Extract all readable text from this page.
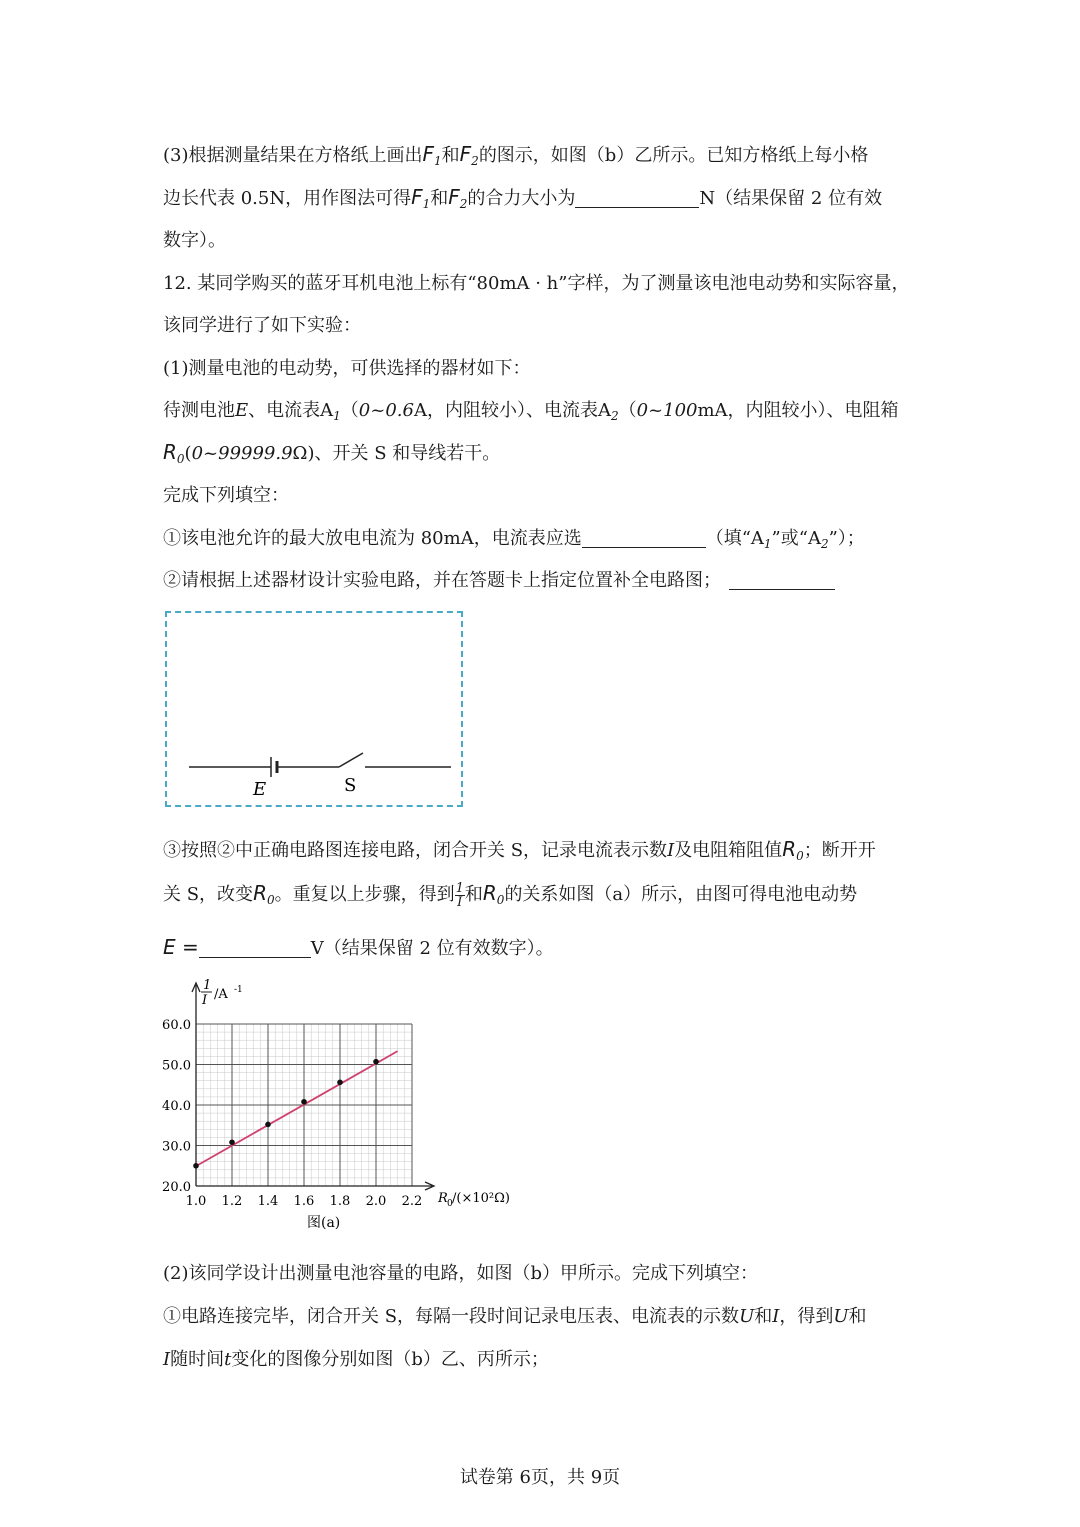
(3)根据测量结果在方格纸上画出$F_1$和$F_2$的图示，如图（b）乙所示。已知方格纸上每小格
边长代表 0.5N，用作图法可得$F_1$和$F_2$的合力大小为	N（结果保留 2 位有效
数字）。
12. 某同学购买的蓝牙耳机电池上标有“80mA · h”字样，为了测量该电池电动势和实际容量，
该同学进行了如下实验：
(1)测量电池的电动势，可供选择的器材如下：
待测电池E、电流表$A_1(0\sim 0.6A$，内阻较小）、电流表$A_2(0\sim 100mA$，内阻较小）、电阻箱
$R_0(0\sim 99999.9\Omega)$、开关 S 和导线若干。
完成下列填空：
①该电池允许的最大放电电流为 80mA，电流表应选	（填“$A_1$”或“$A_2$”）；
②请根据上述器材设计实验电路，并在答题卡上指定位置补全电路图；
E	S
③按照②中正确电路图连接电路，闭合开关 S，记录电流表示数I及电阻箱阻值$R_0$；断开开
关 S，改变$R_0$。重复以上步骤，得到 $\frac{1}{I}$ 和$R_0$的关系如图（a）所示，由图可得电池电动势
E =	V（结果保留 2 位有效数字）。
1.0 1.2 1.4 1.6 1.8 2.0 2.2
20.0
30.0
40.0
50.0
60.0
1
I /A -1
R 0 /(×10²Ω)
图(a)
(2)该同学设计出测量电池容量的电路，如图（b）甲所示。完成下列填空：
①电路连接完毕，闭合开关 S，每隔一段时间记录电压表、电流表的示数U和I，得到U和
I随时间t变化的图像分别如图（b）乙、丙所示；
试卷第 6页，共 9页
